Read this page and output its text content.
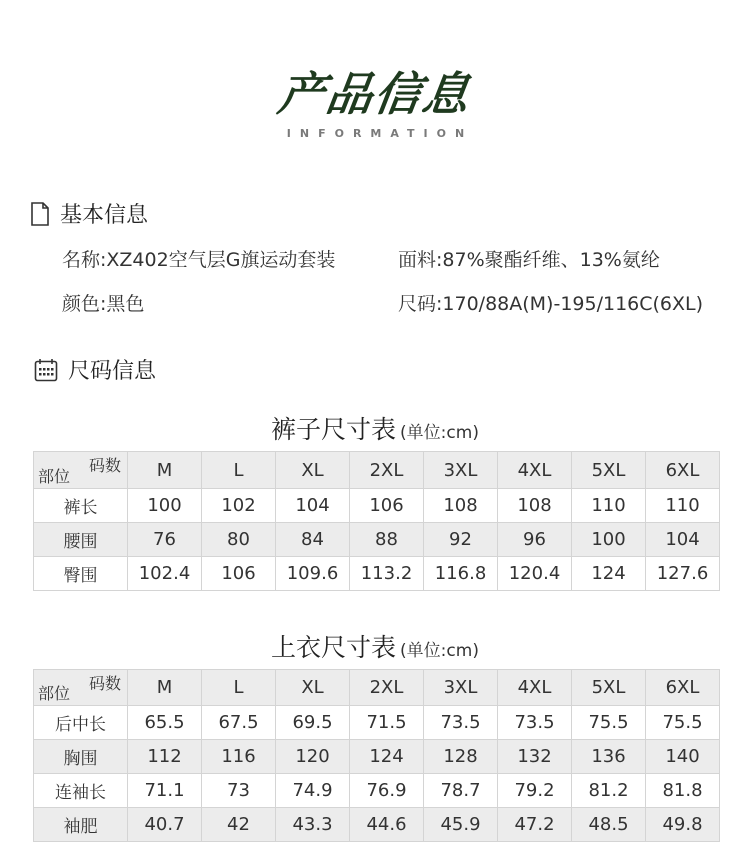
产品信息
INFORMATION
基本信息
名称:XZ402空气层G旗运动套装	面料:87%聚酯纤维、13%氨纶
颜色:黑色	尺码:170/88A(M)-195/116C(6XL)
尺码信息
裤子尺寸表 (单位:cm)
码数
部位	M	L	XL	2XL	3XL	4XL	5XL	6XL
裤长	100	102	104	106	108	108	110	110
腰围	76	80	84	88	92	96	100	104
臀围	102.4	106	109.6	113.2	116.8	120.4	124	127.6
上衣尺寸表 (单位:cm)
码数
部位	M	L	XL	2XL	3XL	4XL	5XL	6XL
后中长	65.5	67.5	69.5	71.5	73.5	73.5	75.5	75.5
胸围	112	116	120	124	128	132	136	140
连袖长	71.1	73	74.9	76.9	78.7	79.2	81.2	81.8
袖肥	40.7	42	43.3	44.6	45.9	47.2	48.5	49.8
